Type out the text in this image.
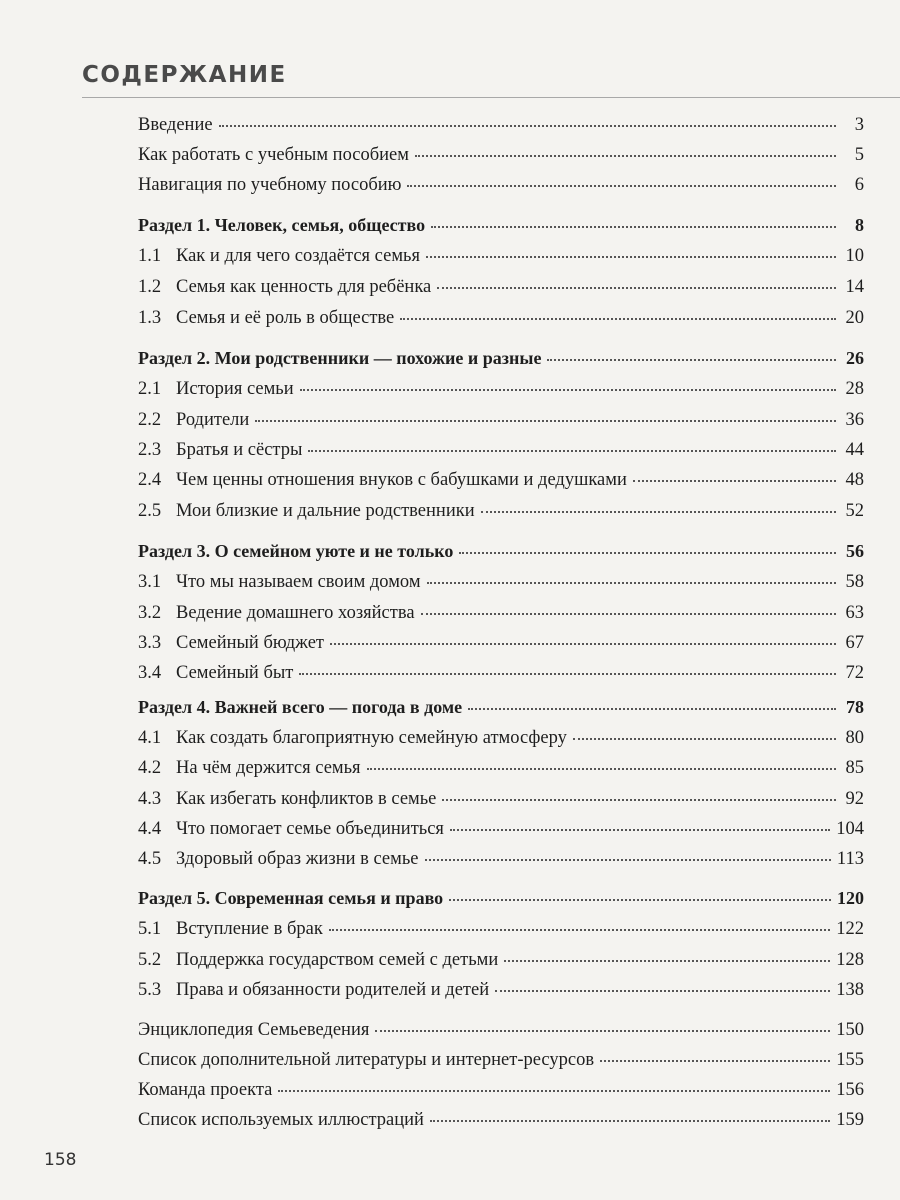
СОДЕРЖАНИЕ
Введение	3
Как работать с учебным пособием	5
Навигация по учебному пособию	6
Раздел 1. Человек, семья, общество	8
1.1 Как и для чего создаётся семья	10
1.2 Семья как ценность для ребёнка	14
1.3 Семья и её роль в обществе	20
Раздел 2. Мои родственники — похожие и разные	26
2.1 История семьи	28
2.2 Родители	36
2.3 Братья и сёстры	44
2.4 Чем ценны отношения внуков с бабушками и дедушками	48
2.5 Мои близкие и дальние родственники	52
Раздел 3. О семейном уюте и не только	56
3.1 Что мы называем своим домом	58
3.2 Ведение домашнего хозяйства	63
3.3 Семейный бюджет	67
3.4 Семейный быт	72
Раздел 4. Важней всего — погода в доме	78
4.1 Как создать благоприятную семейную атмосферу	80
4.2 На чём держится семья	85
4.3 Как избегать конфликтов в семье	92
4.4 Что помогает семье объединиться	104
4.5 Здоровый образ жизни в семье	113
Раздел 5. Современная семья и право	120
5.1 Вступление в брак	122
5.2 Поддержка государством семей с детьми	128
5.3 Права и обязанности родителей и детей	138
Энциклопедия Семьеведения	150
Список дополнительной литературы и интернет-ресурсов	155
Команда проекта	156
Список используемых иллюстраций	159
158
